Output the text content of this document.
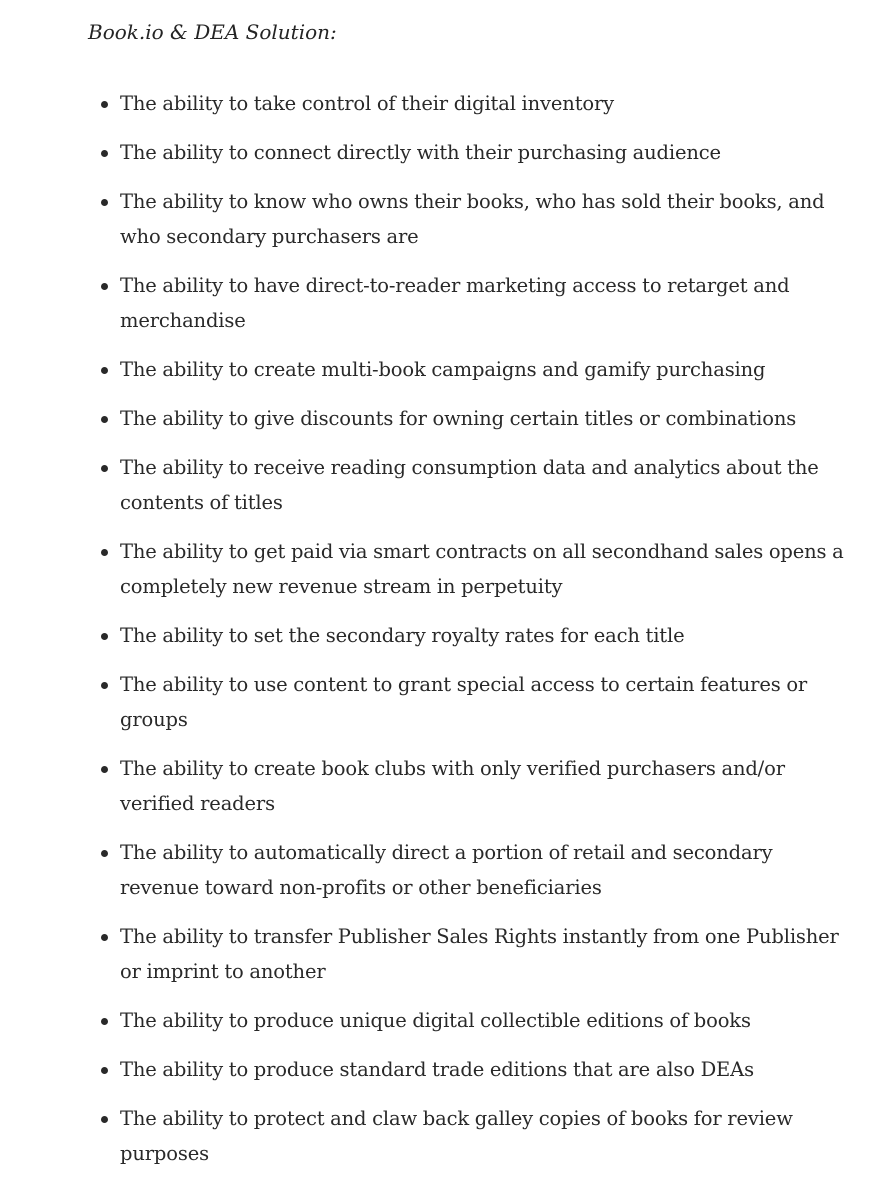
Book.io & DEA Solution:

The ability to take control of their digital inventory
The ability to connect directly with their purchasing audience
The ability to know who owns their books, who has sold their books, and who secondary purchasers are
The ability to have direct-to-reader marketing access to retarget and merchandise
The ability to create multi-book campaigns and gamify purchasing
The ability to give discounts for owning certain titles or combinations
The ability to receive reading consumption data and analytics about the contents of titles
The ability to get paid via smart contracts on all secondhand sales opens a completely new revenue stream in perpetuity
The ability to set the secondary royalty rates for each title
The ability to use content to grant special access to certain features or groups
The ability to create book clubs with only verified purchasers and/or verified readers
The ability to automatically direct a portion of retail and secondary revenue toward non-profits or other beneficiaries
The ability to transfer Publisher Sales Rights instantly from one Publisher or imprint to another
The ability to produce unique digital collectible editions of books
The ability to produce standard trade editions that are also DEAs
The ability to protect and claw back galley copies of books for review purposes
